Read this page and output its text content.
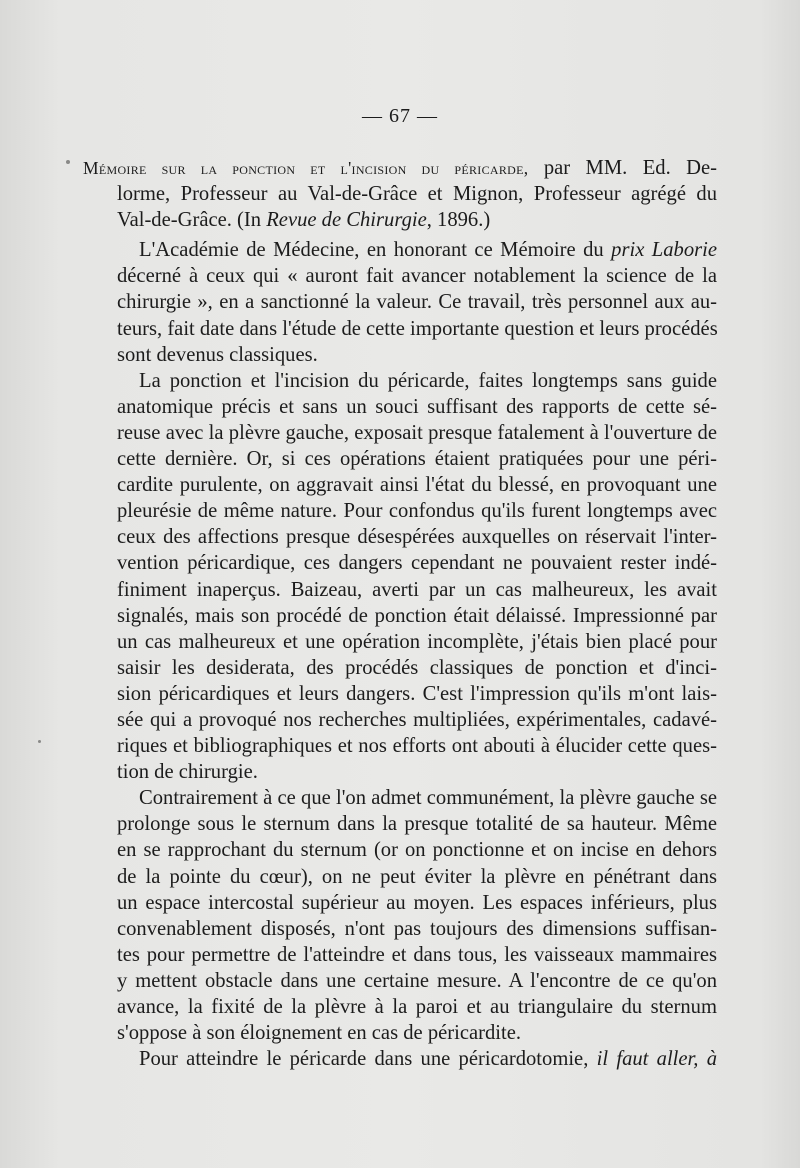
— 67 —
Mémoire sur la ponction et l'incision du péricarde, par MM. Ed. De-
lorme, Professeur au Val-de-Grâce et Mignon, Professeur agrégé du
Val-de-Grâce. (In Revue de Chirurgie, 1896.)
L'Académie de Médecine, en honorant ce Mémoire du prix Laborie
décerné à ceux qui « auront fait avancer notablement la science de la
chirurgie », en a sanctionné la valeur. Ce travail, très personnel aux au-
teurs, fait date dans l'étude de cette importante question et leurs procédés
sont devenus classiques.
La ponction et l'incision du péricarde, faites longtemps sans guide
anatomique précis et sans un souci suffisant des rapports de cette sé-
reuse avec la plèvre gauche, exposait presque fatalement à l'ouverture de
cette dernière. Or, si ces opérations étaient pratiquées pour une péri-
cardite purulente, on aggravait ainsi l'état du blessé, en provoquant une
pleurésie de même nature. Pour confondus qu'ils furent longtemps avec
ceux des affections presque désespérées auxquelles on réservait l'inter-
vention péricardique, ces dangers cependant ne pouvaient rester indé-
finiment inaperçus. Baizeau, averti par un cas malheureux, les avait
signalés, mais son procédé de ponction était délaissé. Impressionné par
un cas malheureux et une opération incomplète, j'étais bien placé pour
saisir les desiderata, des procédés classiques de ponction et d'inci-
sion péricardiques et leurs dangers. C'est l'impression qu'ils m'ont lais-
sée qui a provoqué nos recherches multipliées, expérimentales, cadavé-
riques et bibliographiques et nos efforts ont abouti à élucider cette ques-
tion de chirurgie.
Contrairement à ce que l'on admet communément, la plèvre gauche se
prolonge sous le sternum dans la presque totalité de sa hauteur. Même
en se rapprochant du sternum (or on ponctionne et on incise en dehors
de la pointe du cœur), on ne peut éviter la plèvre en pénétrant dans
un espace intercostal supérieur au moyen. Les espaces inférieurs, plus
convenablement disposés, n'ont pas toujours des dimensions suffisan-
tes pour permettre de l'atteindre et dans tous, les vaisseaux mammaires
y mettent obstacle dans une certaine mesure. A l'encontre de ce qu'on
avance, la fixité de la plèvre à la paroi et au triangulaire du sternum
s'oppose à son éloignement en cas de péricardite.
Pour atteindre le péricarde dans une péricardotomie, il faut aller, à
